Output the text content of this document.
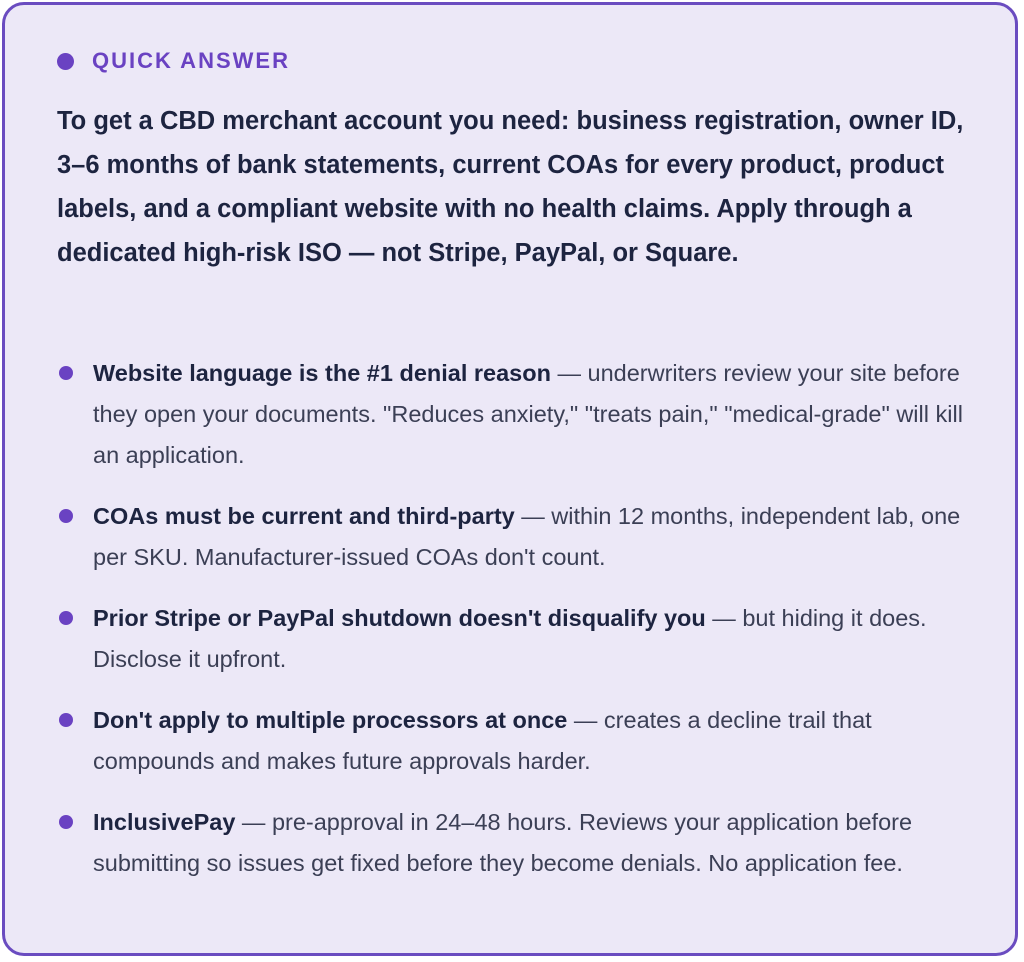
QUICK ANSWER

To get a CBD merchant account you need: business registration, owner ID, 3–6 months of bank statements, current COAs for every product, product labels, and a compliant website with no health claims. Apply through a dedicated high-risk ISO — not Stripe, PayPal, or Square.

Website language is the #1 denial reason — underwriters review your site before they open your documents. "Reduces anxiety," "treats pain," "medical-grade" will kill an application.
COAs must be current and third-party — within 12 months, independent lab, one per SKU. Manufacturer-issued COAs don't count.
Prior Stripe or PayPal shutdown doesn't disqualify you — but hiding it does. Disclose it upfront.
Don't apply to multiple processors at once — creates a decline trail that compounds and makes future approvals harder.
InclusivePay — pre-approval in 24–48 hours. Reviews your application before submitting so issues get fixed before they become denials. No application fee.
